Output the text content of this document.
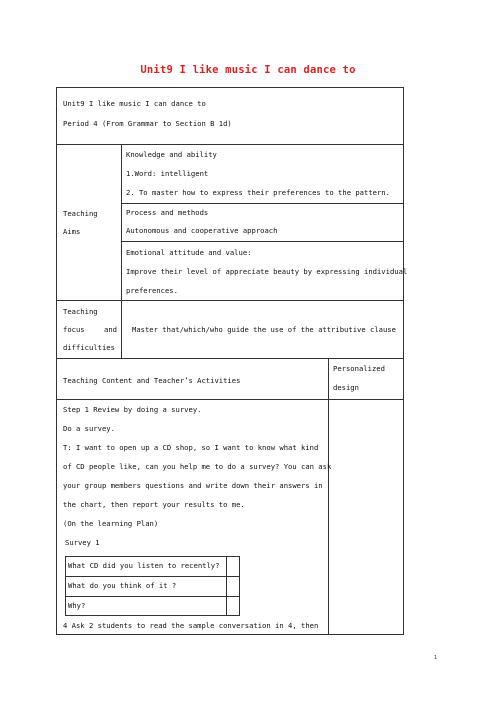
Unit9 I like music I can dance to
Unit9 I like music I can dance to
Period 4 (From Grammar to Section B 1d)
Teaching
Aims
Knowledge and ability
1.Word: intelligent
2. To master how to express their preferences to the pattern.
Process and methods
Autonomous and cooperative approach
Emotional attitude and value:
Improve their level of appreciate beauty by expressing individual
preferences.
Teaching
focus	and
difficulties
Master that/which/who guide the use of the attributive clause
Teaching Content and Teacher’s Activities
Personalized
design
Step 1 Review by doing a survey.
Do a survey.
T: I want to open up a CD shop, so I want to know what kind
of CD people like, can you help me to do a survey? You can ask
your group members questions and write down their answers in
the chart, then report your results to me.
(On the learning Plan)
Survey 1
What CD did you listen to recently?
What do you think of it ?
Why?
4 Ask 2 students to read the sample conversation in 4, then
1
